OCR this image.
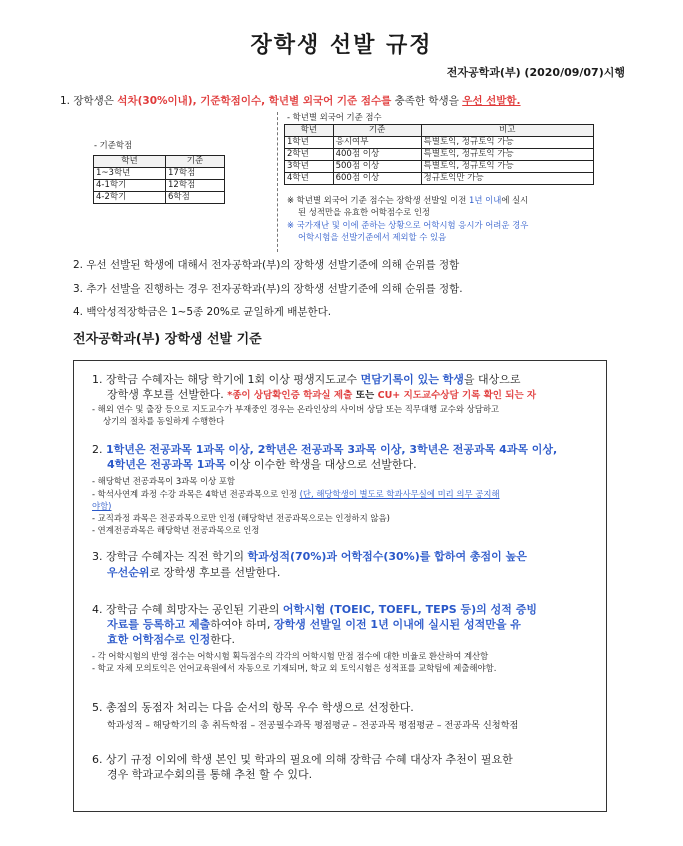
장학생 선발 규정
전자공학과(부) (2020/09/07)시행
1. 장학생은 석차(30%이내), 기준학점이수, 학년별 외국어 기준 점수를 충족한 학생을 우선 선발함.
- 기준학점
학년	기준
1~3학년	17학점
4-1학기	12학점
4-2학기	6학점
- 학년별 외국어 기준 점수
학년	기준	비고
1학년	응시여부	특별토익, 정규토익 가능
2학년	400점 이상	특별토익, 정규토익 가능
3학년	500점 이상	특별토익, 정규토익 가능
4학년	600점 이상	정규토익만 가능
※ 학년별 외국어 기준 점수는 장학생 선발일 이전 1년 이내에 실시
된 성적만을 유효한 어학점수로 인정
※ 국가재난 및 이에 준하는 상황으로 어학시험 응시가 어려운 경우
어학시험을 선발기준에서 제외할 수 있음
2. 우선 선발된 학생에 대해서 전자공학과(부)의 장학생 선발기준에 의해 순위를 정함
3. 추가 선발을 진행하는 경우 전자공학과(부)의 장학생 선발기준에 의해 순위를 정함.
4. 백악성적장학금은 1~5종 20%로 균일하게 배분한다.
전자공학과(부) 장학생 선발 기준
1. 장학금 수혜자는 해당 학기에 1회 이상 평생지도교수 면담기록이 있는 학생을 대상으로
장학생 후보를 선발한다. *종이 상담확인증 학과실 제출 또는 CU+ 지도교수상담 기록 확인 되는 자
- 해외 연수 및 출장 등으로 지도교수가 부재중인 경우는 온라인상의 사이버 상담 또는 직무대행 교수와 상담하고
상기의 절차를 동일하게 수행한다
2. 1학년은 전공과목 1과목 이상, 2학년은 전공과목 3과목 이상, 3학년은 전공과목 4과목 이상,
4학년은 전공과목 1과목 이상 이수한 학생을 대상으로 선발한다.
- 해당학년 전공과목이 3과목 이상 포함
- 학석사연계 과정 수강 과목은 4학년 전공과목으로 인정 (단, 해당학생이 별도로 학과사무실에 미리 의무 공지해
야함)
- 교직과정 과목은 전공과목으로만 인정 (해당학년 전공과목으로는 인정하지 않음)
- 연계전공과목은 해당학년 전공과목으로 인정
3. 장학금 수혜자는 직전 학기의 학과성적(70%)과 어학점수(30%)를 합하여 총점이 높은
우선순위로 장학생 후보를 선발한다.
4. 장학금 수혜 희망자는 공인된 기관의 어학시험 (TOEIC, TOEFL, TEPS 등)의 성적 증빙
자료를 등록하고 제출하여야 하며, 장학생 선발일 이전 1년 이내에 실시된 성적만을 유
효한 어학점수로 인정한다.
- 각 어학시험의 반영 점수는 어학시험 획득점수의 각각의 어학시험 만점 점수에 대한 비율로 환산하여 계산함
- 학교 자체 모의토익은 언어교육원에서 자동으로 기재되며, 학교 외 토익시험은 성적표를 교학팀에 제출해야함.
5. 총점의 동점자 처리는 다음 순서의 항목 우수 학생으로 선정한다.
학과성적 – 해당학기의 총 취득학점 – 전공필수과목 평점평균 – 전공과목 평점평균 – 전공과목 신청학점
6. 상기 규정 이외에 학생 본인 및 학과의 필요에 의해 장학금 수혜 대상자 추천이 필요한
경우 학과교수회의를 통해 추천 할 수 있다.
